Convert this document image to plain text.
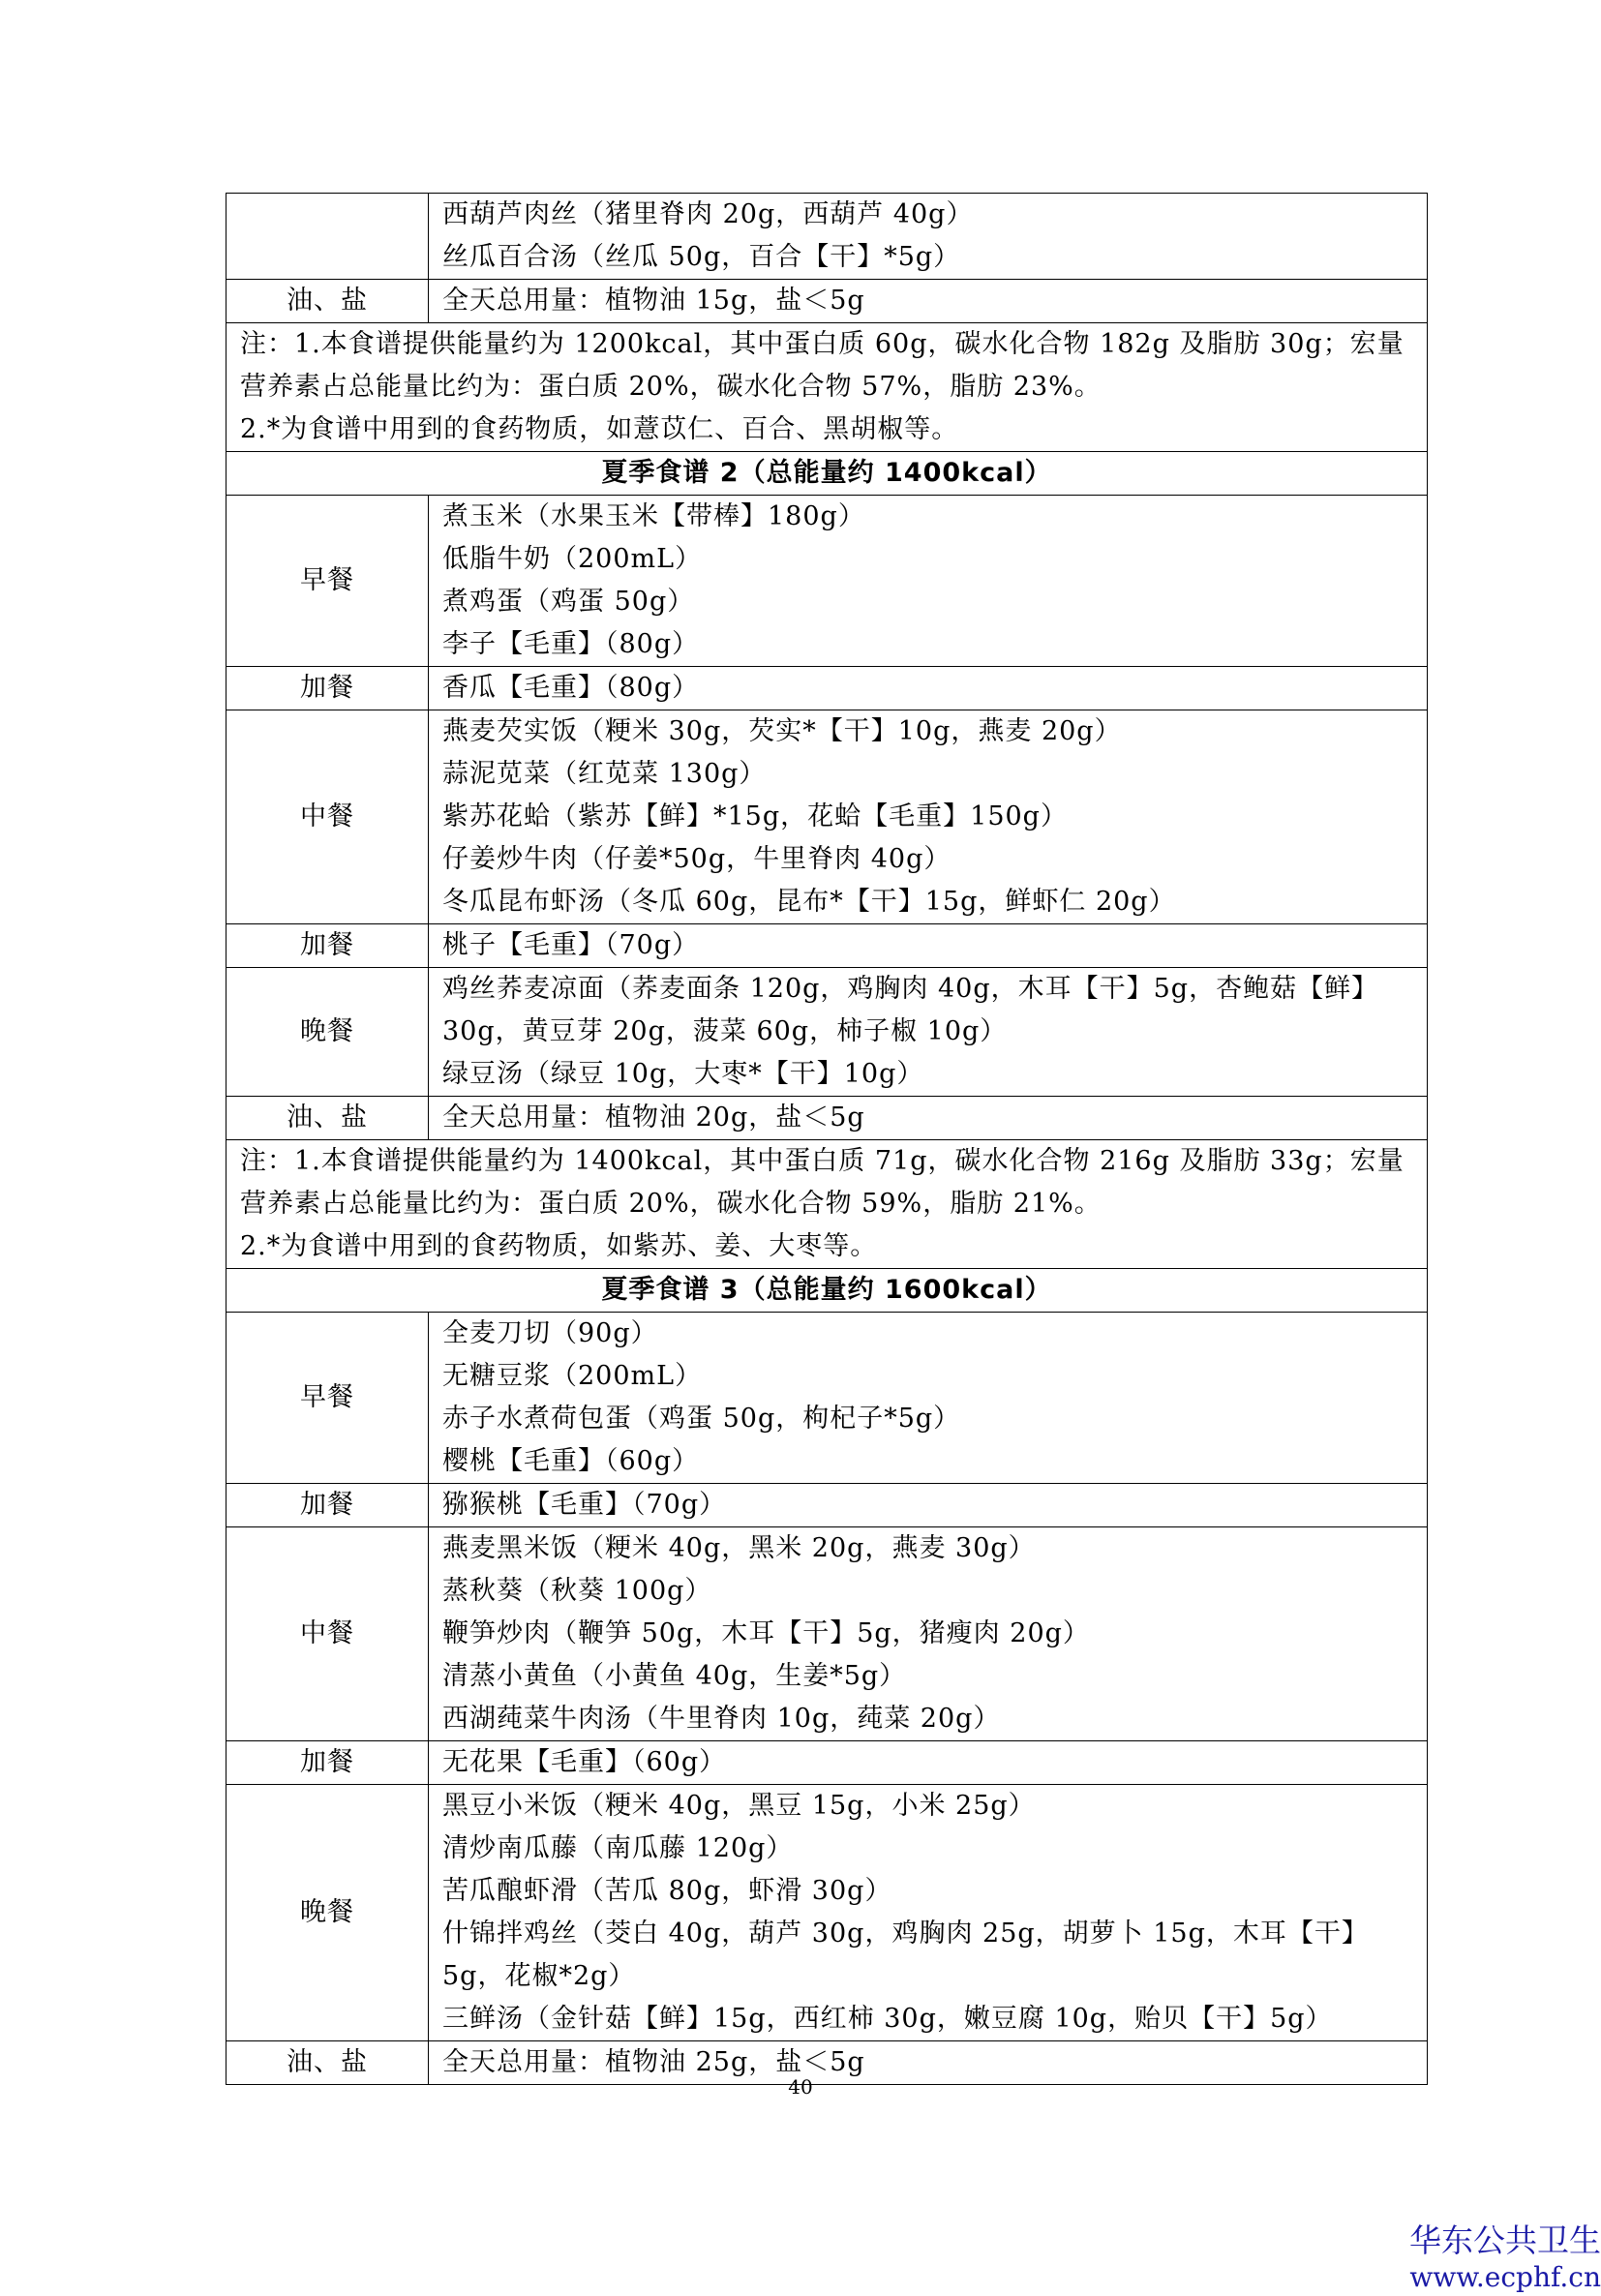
	西葫芦肉丝（猪里脊肉 20g，西葫芦 40g）
丝瓜百合汤（丝瓜 50g，百合【干】*5g）

油、盐	全天总用量：植物油 15g，盐＜5g

注：1.本食谱提供能量约为 1200kcal，其中蛋白质 60g，碳水化合物 182g 及脂肪 30g；宏量营养素占总能量比约为：蛋白质 20%，碳水化合物 57%，脂肪 23%。
2.*为食谱中用到的食药物质，如薏苡仁、百合、黑胡椒等。	

夏季食谱 2（总能量约 1400kcal）	
早餐	煮玉米（水果玉米【带棒】180g）
低脂牛奶（200mL）
煮鸡蛋（鸡蛋 50g）
李子【毛重】（80g）

加餐	香瓜【毛重】（80g）

中餐	燕麦芡实饭（粳米 30g，芡实*【干】10g，燕麦 20g）
蒜泥苋菜（红苋菜 130g）
紫苏花蛤（紫苏【鲜】*15g，花蛤【毛重】150g）
仔姜炒牛肉（仔姜*50g，牛里脊肉 40g）
冬瓜昆布虾汤（冬瓜 60g，昆布*【干】15g，鲜虾仁 20g）

加餐	桃子【毛重】（70g）

晚餐	鸡丝荞麦凉面（荞麦面条 120g，鸡胸肉 40g，木耳【干】5g，杏鲍菇【鲜】30g，黄豆芽 20g，菠菜 60g，柿子椒 10g）
绿豆汤（绿豆 10g，大枣*【干】10g）

油、盐	全天总用量：植物油 20g，盐＜5g

注：1.本食谱提供能量约为 1400kcal，其中蛋白质 71g，碳水化合物 216g 及脂肪 33g；宏量营养素占总能量比约为：蛋白质 20%，碳水化合物 59%，脂肪 21%。
2.*为食谱中用到的食药物质，如紫苏、姜、大枣等。	

夏季食谱 3（总能量约 1600kcal）	
早餐	全麦刀切（90g）
无糖豆浆（200mL）
赤子水煮荷包蛋（鸡蛋 50g，枸杞子*5g）
樱桃【毛重】（60g）

加餐	猕猴桃【毛重】（70g）

中餐	燕麦黑米饭（粳米 40g，黑米 20g，燕麦 30g）
蒸秋葵（秋葵 100g）
鞭笋炒肉（鞭笋 50g，木耳【干】5g，猪瘦肉 20g）
清蒸小黄鱼（小黄鱼 40g，生姜*5g）
西湖莼菜牛肉汤（牛里脊肉 10g，莼菜 20g）

加餐	无花果【毛重】（60g）

晚餐	黑豆小米饭（粳米 40g，黑豆 15g，小米 25g）
清炒南瓜藤（南瓜藤 120g）
苦瓜酿虾滑（苦瓜 80g，虾滑 30g）
什锦拌鸡丝（茭白 40g，葫芦 30g，鸡胸肉 25g，胡萝卜 15g，木耳【干】5g，花椒*2g）
三鲜汤（金针菇【鲜】15g，西红柿 30g，嫩豆腐 10g，贻贝【干】5g）

油、盐	全天总用量：植物油 25g，盐＜5g
40
华东公共卫生
www.ecphf.cn
